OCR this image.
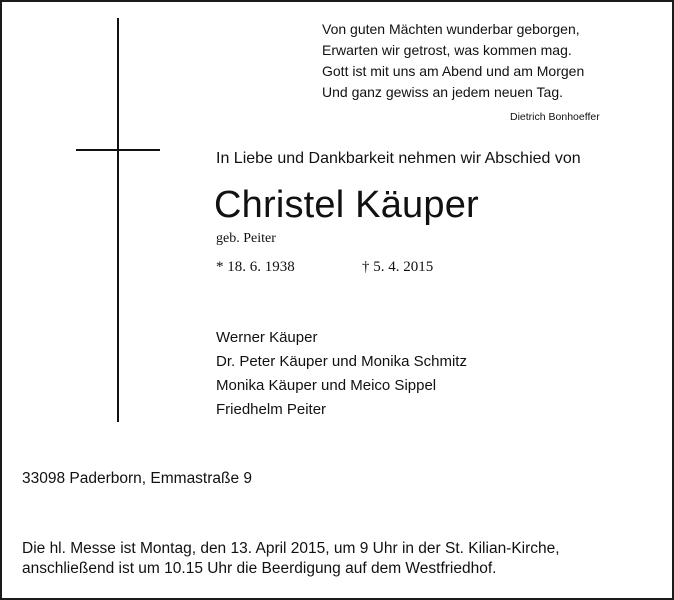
Von guten Mächten wunderbar geborgen,
Erwarten wir getrost, was kommen mag.
Gott ist mit uns am Abend und am Morgen
Und ganz gewiss an jedem neuen Tag.
Dietrich Bonhoeffer
In Liebe und Dankbarkeit nehmen wir Abschied von
Christel Käuper
geb. Peiter
* 18. 6. 1938	† 5. 4. 2015
Werner Käuper
Dr. Peter Käuper und Monika Schmitz
Monika Käuper und Meico Sippel
Friedhelm Peiter
33098 Paderborn, Emmastraße 9
Die hl. Messe ist Montag, den 13. April 2015, um 9 Uhr in der St. Kilian-Kirche,
anschließend ist um 10.15 Uhr die Beerdigung auf dem Westfriedhof.
